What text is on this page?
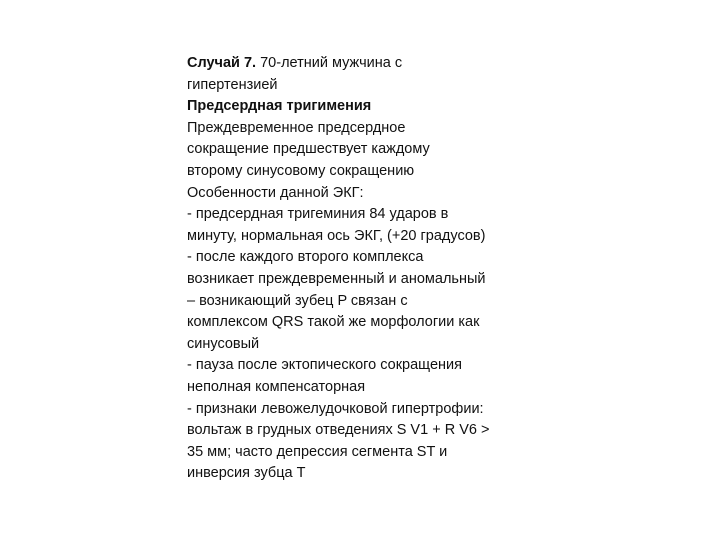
Случай 7. 70-летний мужчина с
гипертензией
Предсердная тригимения
Преждевременное предсердное
сокращение предшествует каждому
второму синусовому сокращению
Особенности данной ЭКГ:
- предсердная тригеминия 84 ударов в
минуту, нормальная ось ЭКГ, (+20 градусов)
- после каждого второго комплекса
возникает преждевременный и аномальный
– возникающий зубец P связан с
комплексом QRS такой же морфологии как
синусовый
- пауза после эктопического сокращения
неполная компенсаторная
- признаки левожелудочковой гипертрофии:
вольтаж в грудных отведениях S V1 + R V6 >
35 мм; часто депрессия сегмента ST и
инверсия зубца T
